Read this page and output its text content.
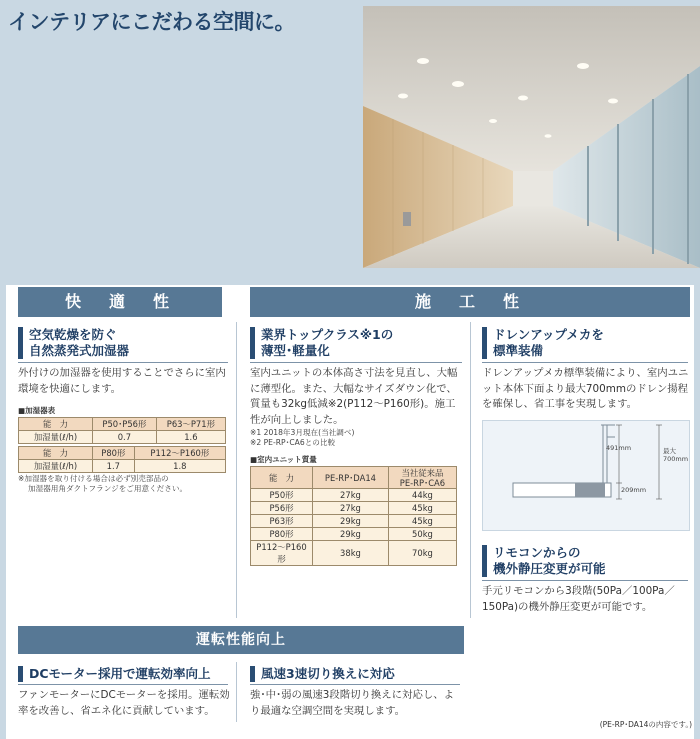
インテリアにこだわる空間に。
快　適　性	施　工　性
運転性能向上
空気乾燥を防ぐ
自然蒸発式加湿器
外付けの加湿器を使用することでさらに室内環境を快適にします。
■加湿器表
能　力	P50･P56形	P63～P71形
加湿量(ℓ/h)	0.7	1.6
能　力	P80形	P112～P160形
加湿量(ℓ/h)	1.7	1.8
※加湿器を取り付ける場合は必ず別売部品の
加湿器用角ダクトフランジをご用意ください。
業界トップクラス※1の
薄型･軽量化
室内ユニットの本体高さ寸法を見直し、大幅に薄型化。また、大幅なサイズダウン化で、質量も32kg低減※2(P112～P160形)。施工性が向上しました。
※1 2018年3月現在(当社調べ)
※2 PE-RP･CA6との比較
■室内ユニット質量
能　力	PE-RP･DA14	当社従来品
PE-RP･CA6

P50形	27kg	44kg
P56形	27kg	45kg
P63形	29kg	45kg
P80形	29kg	50kg
P112～P160形	38kg	70kg
ドレンアップメカを
標準装備
ドレンアップメカ標準装備により、室内ユニット本体下面より最大700mmのドレン揚程を確保し、省工事を実現します。
491mm	最大
700mm
209mm
リモコンからの
機外静圧変更が可能
手元リモコンから3段階(50Pa／100Pa／150Pa)の機外静圧変更が可能です。
DCモーター採用で運転効率向上
ファンモーターにDCモーターを採用。運転効率を改善し、省エネ化に貢献しています。
風速3速切り換えに対応
強･中･弱の風速3段階切り換えに対応し、より最適な空調空間を実現します。
(PE-RP･DA14の内容です。)
